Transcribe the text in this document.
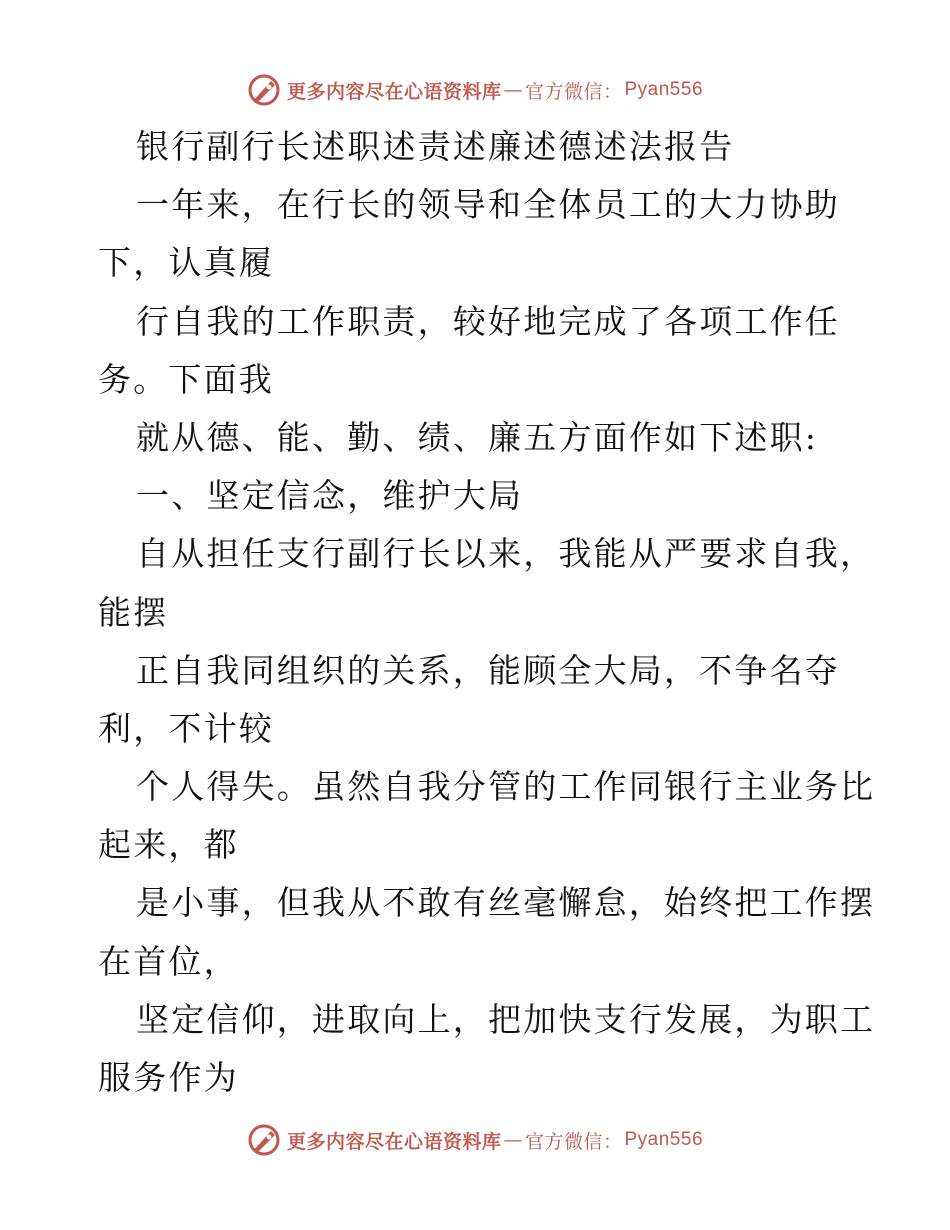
更多内容尽在心语资料库 — 官方微信： Pyan556
银行副行长述职述责述廉述德述法报告
一年来，在行长的领导和全体员工的大力协助
下，认真履
行自我的工作职责，较好地完成了各项工作任
务。下面我
就从德、能、勤、绩、廉五方面作如下述职:
一、坚定信念，维护大局
自从担任支行副行长以来，我能从严要求自我，
能摆
正自我同组织的关系，能顾全大局，不争名夺
利，不计较
个人得失。虽然自我分管的工作同银行主业务比
起来，都
是小事，但我从不敢有丝毫懈怠，始终把工作摆
在首位，
坚定信仰，进取向上，把加快支行发展，为职工
服务作为
更多内容尽在心语资料库 — 官方微信： Pyan556
